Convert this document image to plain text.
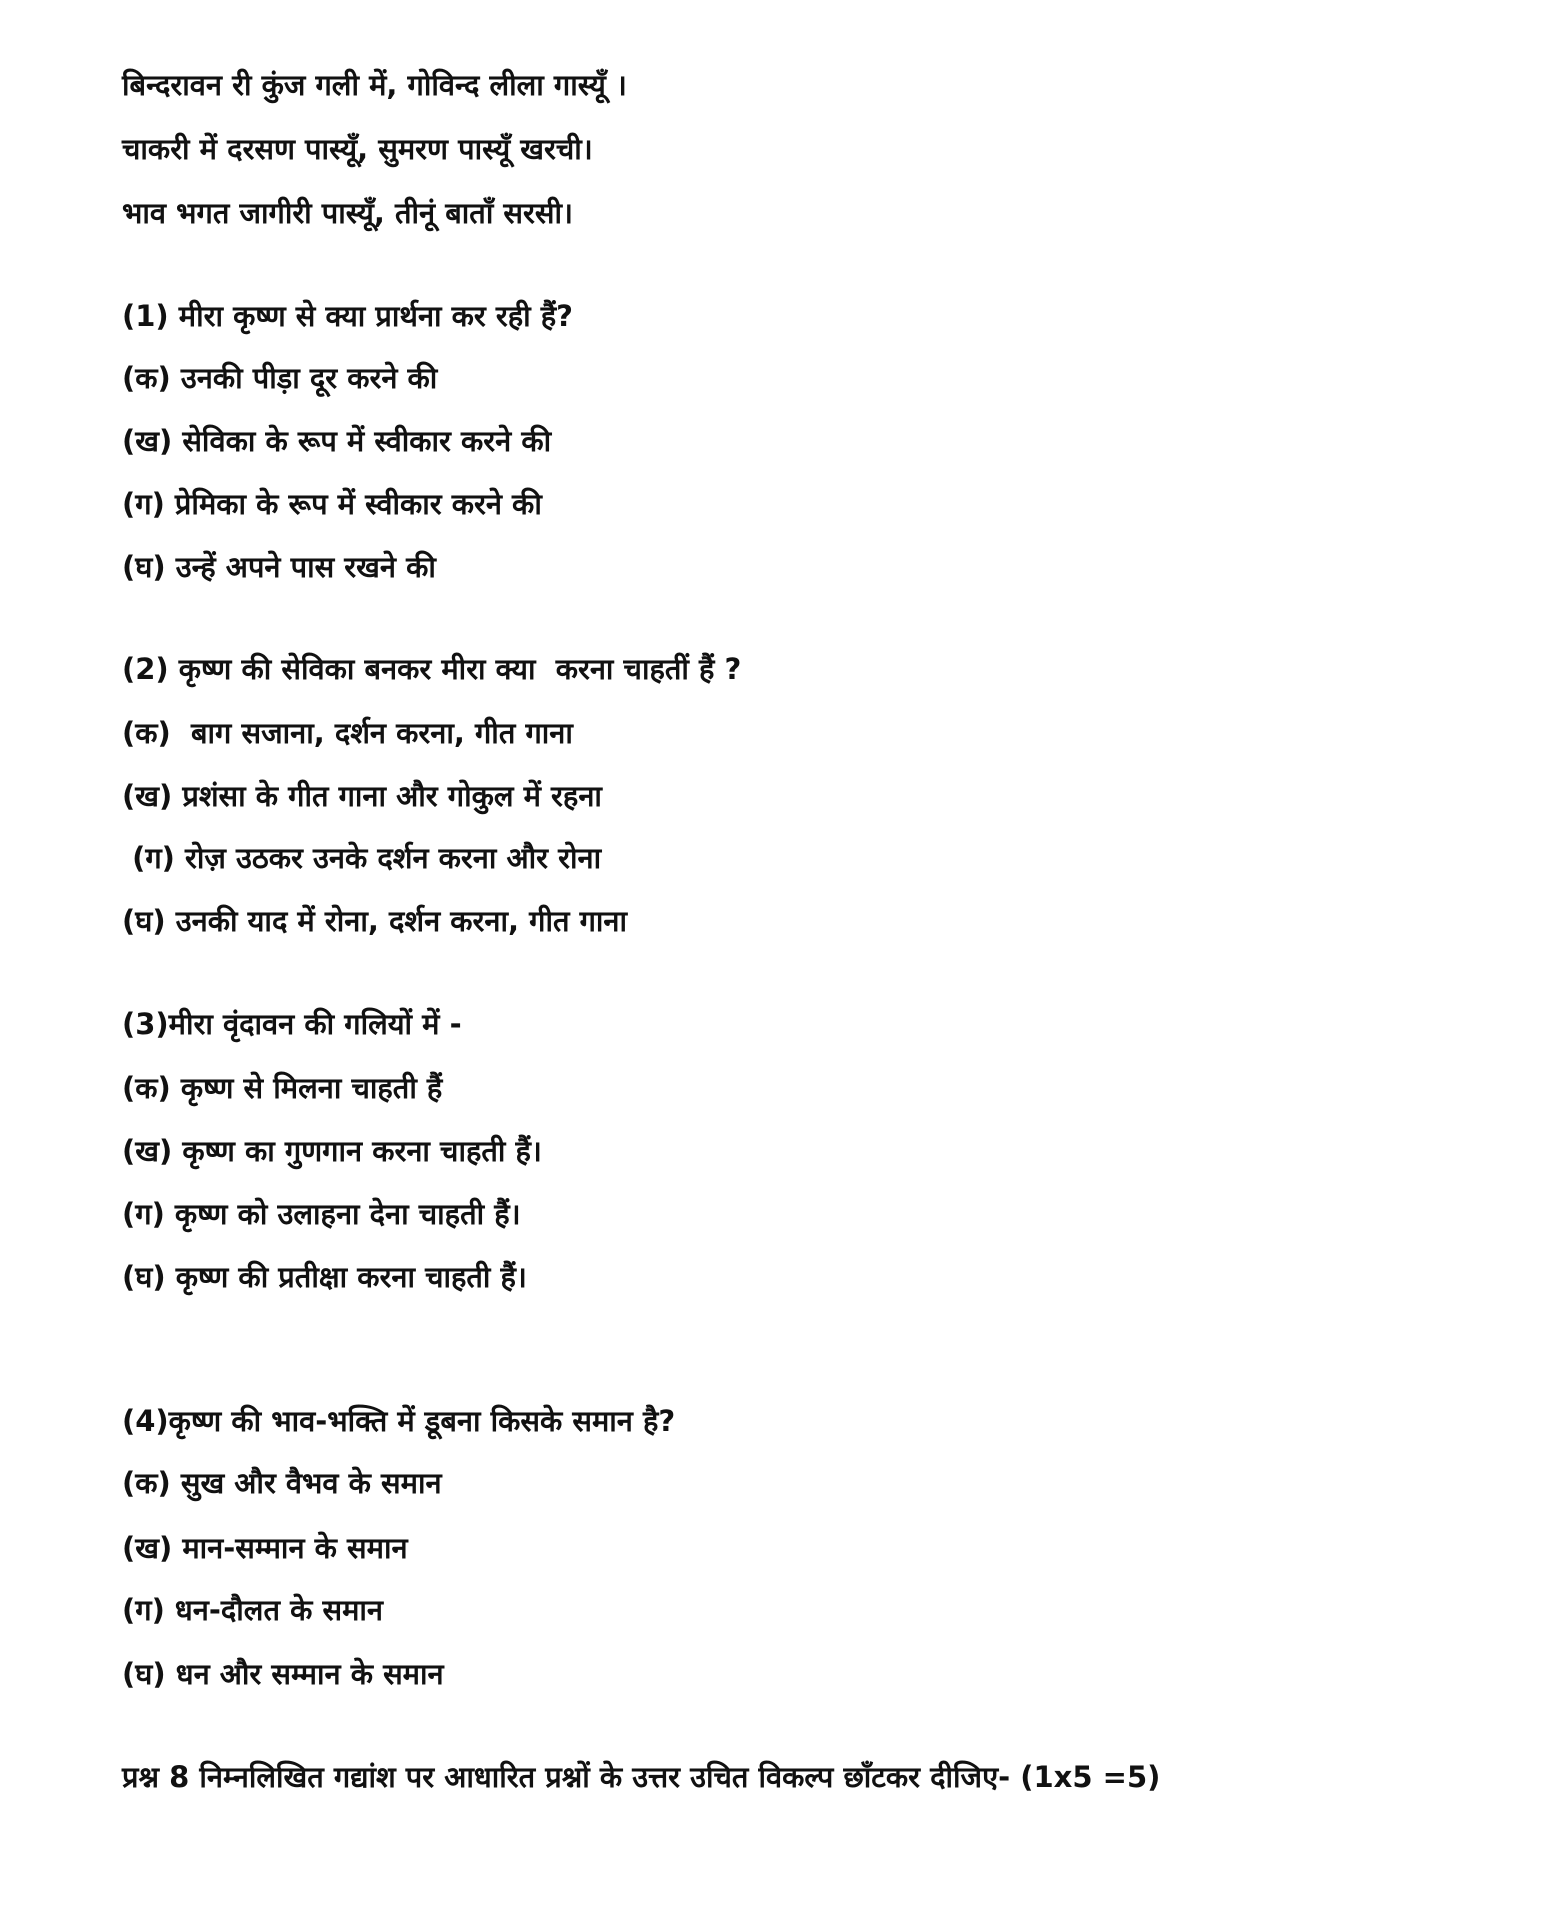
बिन्दरावन री कुंज गली में, गोविन्द लीला गास्यूँ ।
चाकरी में दरसण पास्यूँ, सुमरण पास्यूँ खरची।
भाव भगत जागीरी पास्यूँ, तीनूं बाताँ सरसी।
(1) मीरा कृष्ण से क्या प्रार्थना कर रही हैं?
(क) उनकी पीड़ा दूर करने की
(ख) सेविका के रूप में स्वीकार करने की
(ग) प्रेमिका के रूप में स्वीकार करने की
(घ) उन्हें अपने पास रखने की
(2) कृष्ण की सेविका बनकर मीरा क्या  करना चाहतीं हैं ?
(क)  बाग सजाना, दर्शन करना, गीत गाना
(ख) प्रशंसा के गीत गाना और गोकुल में रहना
(ग) रोज़ उठकर उनके दर्शन करना और रोना
(घ) उनकी याद में रोना, दर्शन करना, गीत गाना
(3)मीरा वृंदावन की गलियों में -
(क) कृष्ण से मिलना चाहती हैं
(ख) कृष्ण का गुणगान करना चाहती हैं।
(ग) कृष्ण को उलाहना देना चाहती हैं।
(घ) कृष्ण की प्रतीक्षा करना चाहती हैं।
(4)कृष्ण की भाव-भक्ति में डूबना किसके समान है?
(क) सुख और वैभव के समान
(ख) मान-सम्मान के समान
(ग) धन-दौलत के समान
(घ) धन और सम्मान के समान
प्रश्न 8 निम्नलिखित गद्यांश पर आधारित प्रश्नों के उत्तर उचित विकल्प छाँटकर दीजिए- (1x5 =5)
